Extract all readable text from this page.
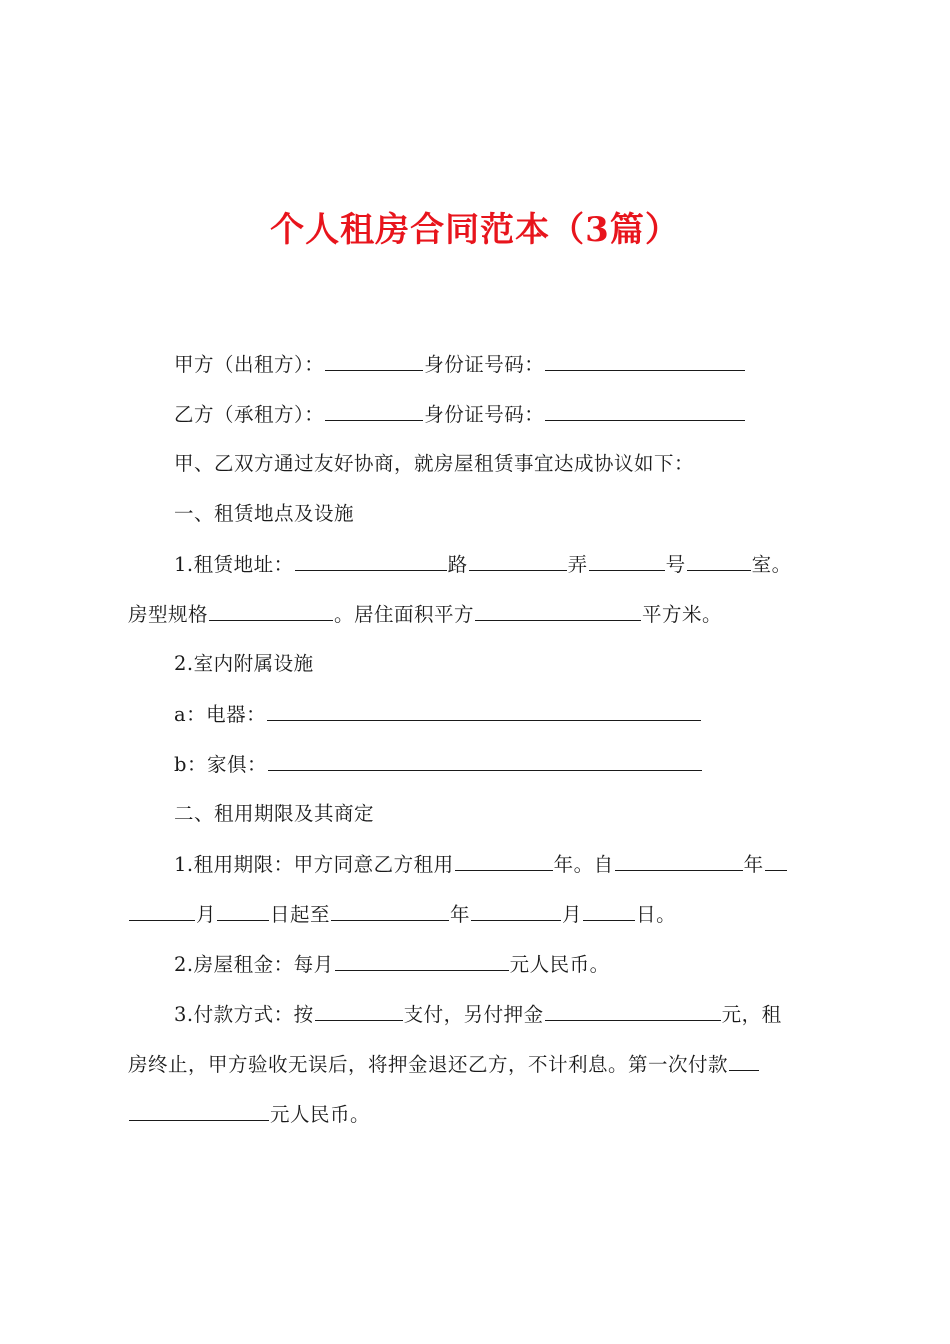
个人租房合同范本（3篇）
甲方（出租方）：	身份证号码：
乙方（承租方）：	身份证号码：
甲、乙双方通过友好协商，就房屋租赁事宜达成协议如下：
一、租赁地点及设施
1.租赁地址：	路	弄	号	室。
房型规格	。居住面积平方	平方米。
2.室内附属设施
a：电器：
b：家俱：
二、租用期限及其商定
1.租用期限：甲方同意乙方租用	年。自	年
月	日起至	年	月	日。
2.房屋租金：每月	元人民币。
3.付款方式：按	支付，另付押金	元，租
房终止，甲方验收无误后，将押金退还乙方，不计利息。第一次付款
元人民币。
